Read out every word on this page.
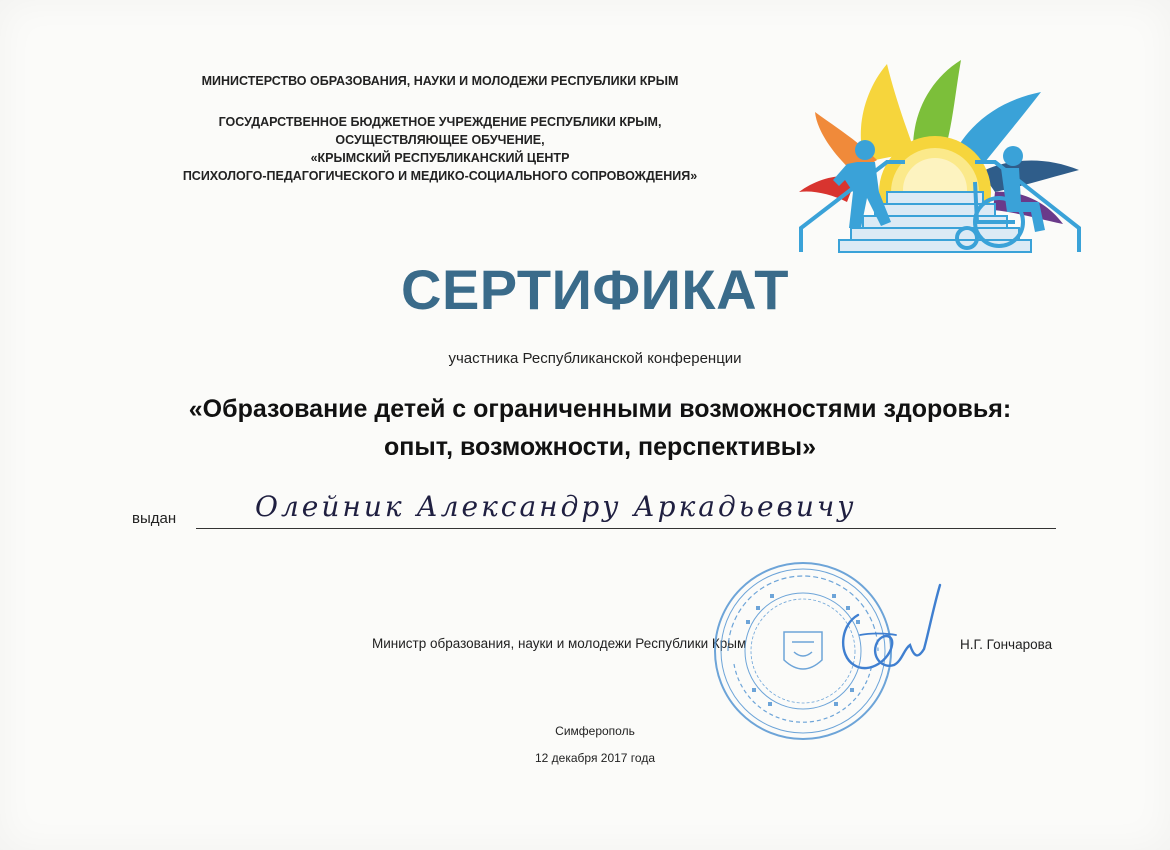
МИНИСТЕРСТВО ОБРАЗОВАНИЯ, НАУКИ И МОЛОДЕЖИ РЕСПУБЛИКИ КРЫМ
ГОСУДАРСТВЕННОЕ БЮДЖЕТНОЕ УЧРЕЖДЕНИЕ РЕСПУБЛИКИ КРЫМ,
ОСУЩЕСТВЛЯЮЩЕЕ ОБУЧЕНИЕ,
«КРЫМСКИЙ РЕСПУБЛИКАНСКИЙ ЦЕНТР
ПСИХОЛОГО-ПЕДАГОГИЧЕСКОГО И МЕДИКО-СОЦИАЛЬНОГО СОПРОВОЖДЕНИЯ»
СЕРТИФИКАТ
участника Республиканской конференции
«Образование детей с ограниченными возможностями здоровья:
опыт, возможности, перспективы»
выдан	Олейник Александру Аркадьевичу
Министр образования, наук​и и молодежи Республики Крым	Н.Г. Гончарова
Симферополь
12 декабря 2017 года
